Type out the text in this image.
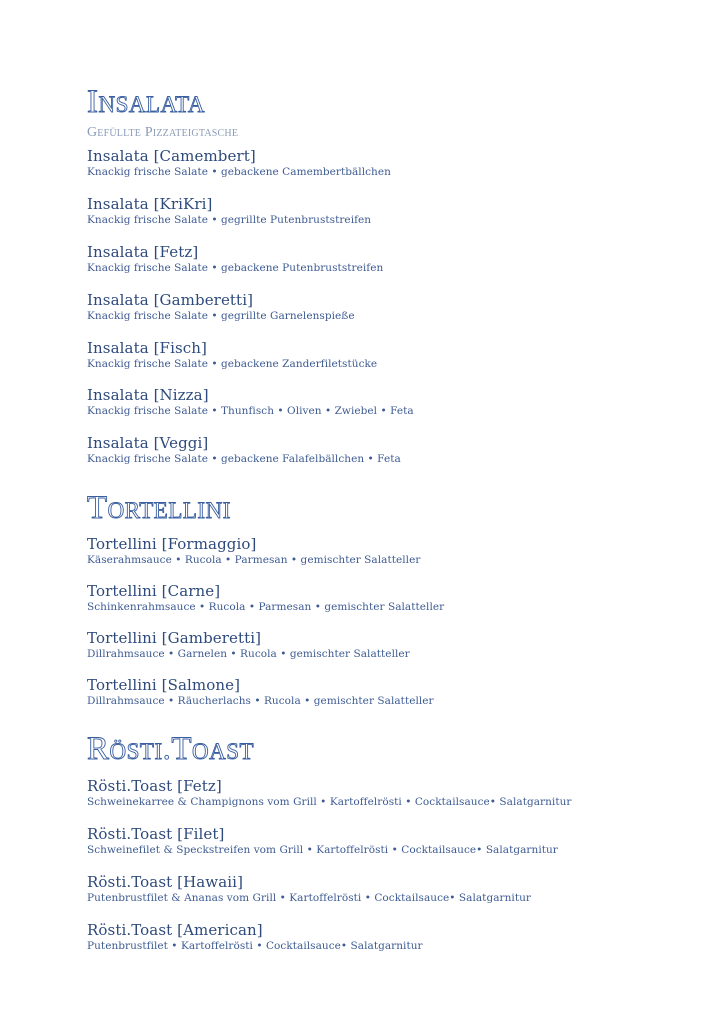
Insalata
Gefüllte Pizzateigtasche
Insalata [Camembert]
Knackig frische Salate • gebackene Camembertbällchen
Insalata [KriKri]
Knackig frische Salate • gegrillte Putenbruststreifen
Insalata [Fetz]
Knackig frische Salate • gebackene Putenbruststreifen
Insalata [Gamberetti]
Knackig frische Salate • gegrillte Garnelenspieße
Insalata [Fisch]
Knackig frische Salate • gebackene Zanderfiletstücke
Insalata [Nizza]
Knackig frische Salate • Thunfisch • Oliven • Zwiebel • Feta
Insalata [Veggi]
Knackig frische Salate • gebackene Falafelbällchen • Feta
Tortellini
Tortellini [Formaggio]
Käserahmsauce • Rucola • Parmesan • gemischter Salatteller
Tortellini [Carne]
Schinkenrahmsauce • Rucola • Parmesan • gemischter Salatteller
Tortellini [Gamberetti]
Dillrahmsauce • Garnelen • Rucola • gemischter Salatteller
Tortellini [Salmone]
Dillrahmsauce • Räucherlachs • Rucola • gemischter Salatteller
Rösti.Toast
Rösti.Toast [Fetz]
Schweinekarree & Champignons vom Grill • Kartoffelrösti • Cocktailsauce• Salatgarnitur
Rösti.Toast [Filet]
Schweinefilet & Speckstreifen vom Grill • Kartoffelrösti • Cocktailsauce• Salatgarnitur
Rösti.Toast [Hawaii]
Putenbrustfilet & Ananas vom Grill • Kartoffelrösti • Cocktailsauce• Salatgarnitur
Rösti.Toast [American]
Putenbrustfilet • Kartoffelrösti • Cocktailsauce• Salatgarnitur
